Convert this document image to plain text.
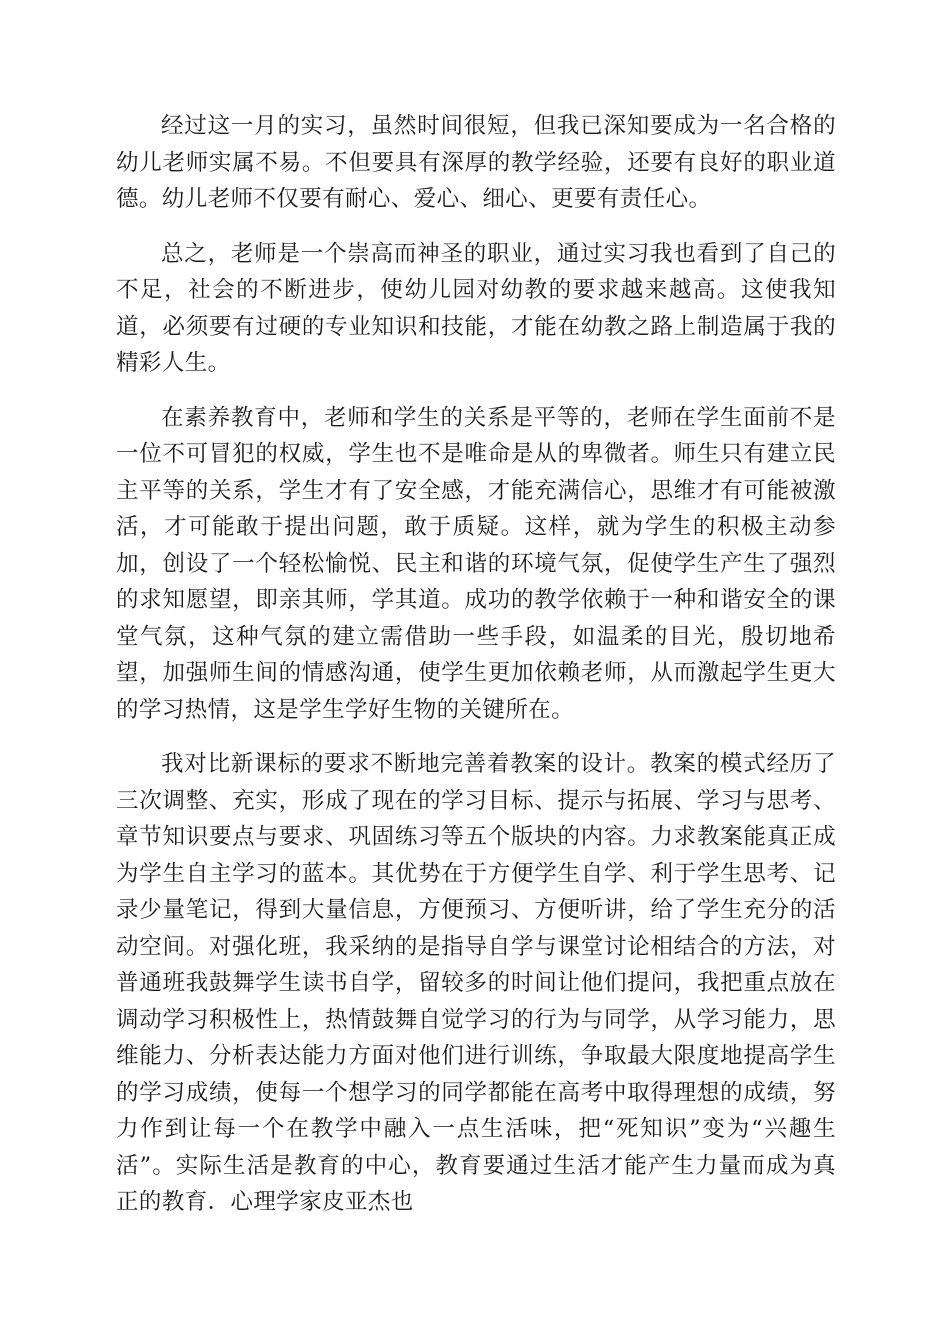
经过这一月的实习，虽然时间很短，但我已深知要成为一名合格的幼儿老师实属不易。不但要具有深厚的教学经验，还要有良好的职业道德。幼儿老师不仅要有耐心、爱心、细心、更要有责任心。

总之，老师是一个崇高而神圣的职业，通过实习我也看到了自己的不足，社会的不断进步，使幼儿园对幼教的要求越来越高。这使我知道，必须要有过硬的专业知识和技能，才能在幼教之路上制造属于我的精彩人生。

在素养教育中，老师和学生的关系是平等的，老师在学生面前不是一位不可冒犯的权威，学生也不是唯命是从的卑微者。师生只有建立民主平等的关系，学生才有了安全感，才能充满信心，思维才有可能被激活，才可能敢于提出问题，敢于质疑。这样，就为学生的积极主动参加，创设了一个轻松愉悦、民主和谐的环境气氛，促使学生产生了强烈的求知愿望，即亲其师，学其道。成功的教学依赖于一种和谐安全的课堂气氛，这种气氛的建立需借助一些手段，如温柔的目光，殷切地希望，加强师生间的情感沟通，使学生更加依赖老师，从而激起学生更大的学习热情，这是学生学好生物的关键所在。

我对比新课标的要求不断地完善着教案的设计。教案的模式经历了三次调整、充实，形成了现在的学习目标、提示与拓展、学习与思考、章节知识要点与要求、巩固练习等五个版块的内容。力求教案能真正成为学生自主学习的蓝本。其优势在于方便学生自学、利于学生思考、记录少量笔记，得到大量信息，方便预习、方便听讲，给了学生充分的活动空间。对强化班，我采纳的是指导自学与课堂讨论相结合的方法，对普通班我鼓舞学生读书自学，留较多的时间让他们提问，我把重点放在调动学习积极性上，热情鼓舞自觉学习的行为与同学，从学习能力，思维能力、分析表达能力方面对他们进行训练，争取最大限度地提高学生的学习成绩，使每一个想学习的同学都能在高考中取得理想的成绩，努力作到让每一个在教学中融入一点生活味，把“死知识”变为“兴趣生活”。实际生活是教育的中心，教育要通过生活才能产生力量而成为真正的教育．心理学家皮亚杰也
